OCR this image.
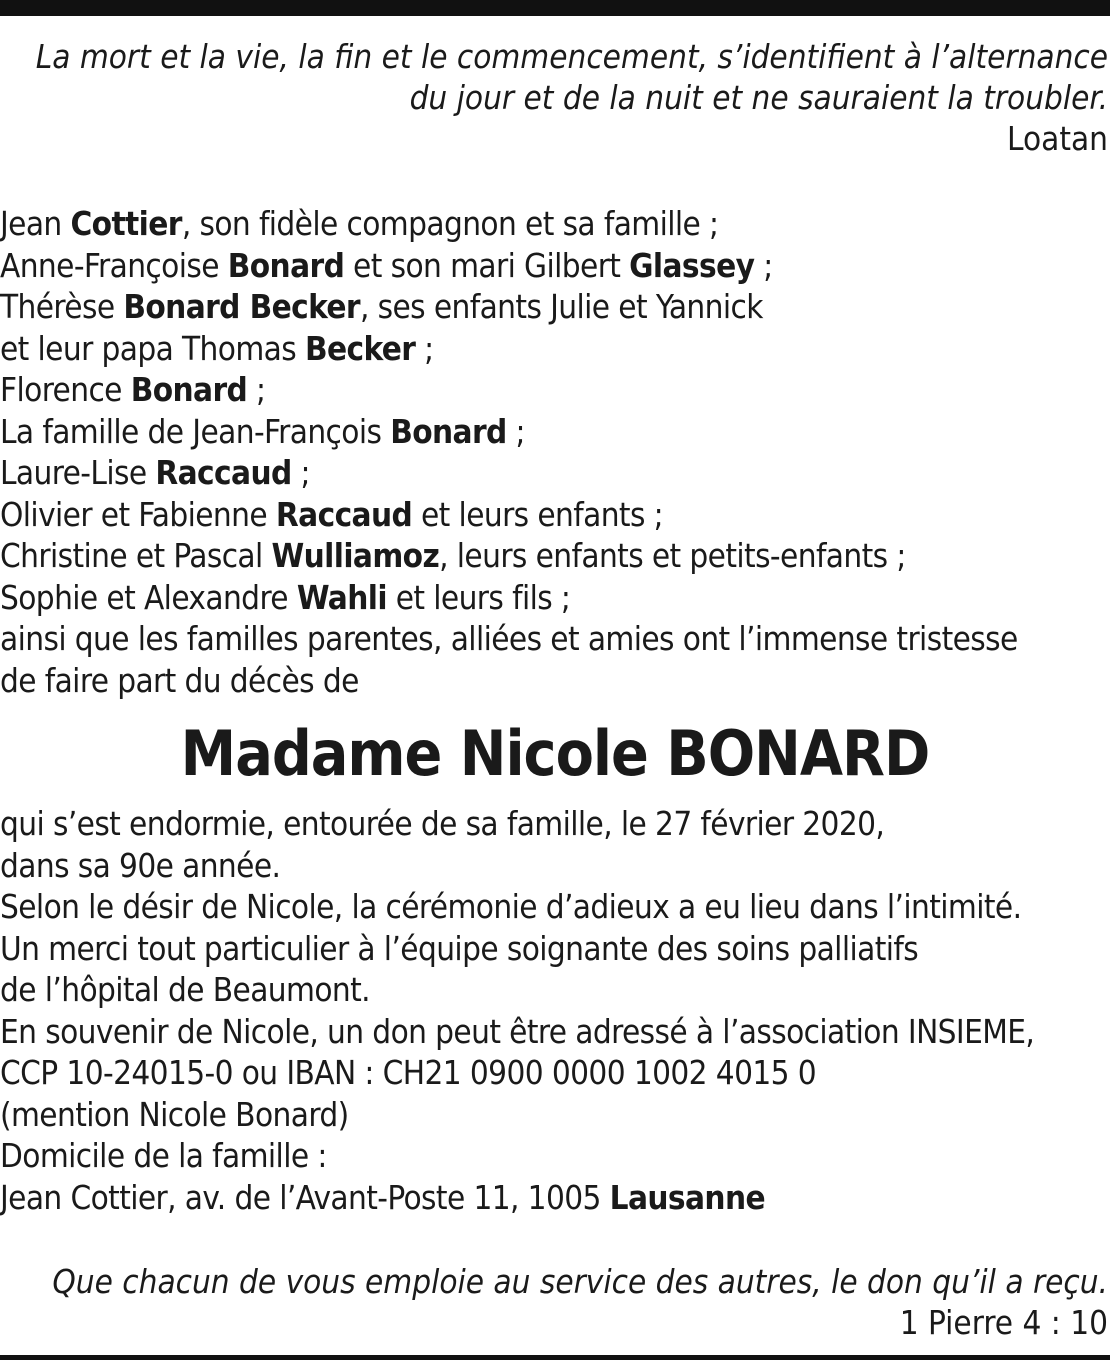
La mort et la vie, la fin et le commencement, s’identifient à l’alternance
du jour et de la nuit et ne sauraient la troubler.
Loatan
Jean Cottier, son fidèle compagnon et sa famille ;
Anne-Françoise Bonard et son mari Gilbert Glassey ;
Thérèse Bonard Becker, ses enfants Julie et Yannick
et leur papa Thomas Becker ;
Florence Bonard ;
La famille de Jean-François Bonard ;
Laure-Lise Raccaud ;
Olivier et Fabienne Raccaud et leurs enfants ;
Christine et Pascal Wulliamoz, leurs enfants et petits-enfants ;
Sophie et Alexandre Wahli et leurs fils ;
ainsi que les familles parentes, alliées et amies ont l’immense tristesse
de faire part du décès de
Madame Nicole BONARD
qui s’est endormie, entourée de sa famille, le 27 février 2020,
dans sa 90e année.
Selon le désir de Nicole, la cérémonie d’adieux a eu lieu dans l’intimité.
Un merci tout particulier à l’équipe soignante des soins palliatifs
de l’hôpital de Beaumont.
En souvenir de Nicole, un don peut être adressé à l’association INSIEME,
CCP 10-24015-0 ou IBAN : CH21 0900 0000 1002 4015 0
(mention Nicole Bonard)
Domicile de la famille :
Jean Cottier, av. de l’Avant-Poste 11, 1005 Lausanne
Que chacun de vous emploie au service des autres, le don qu’il a reçu.
1 Pierre 4 : 10
